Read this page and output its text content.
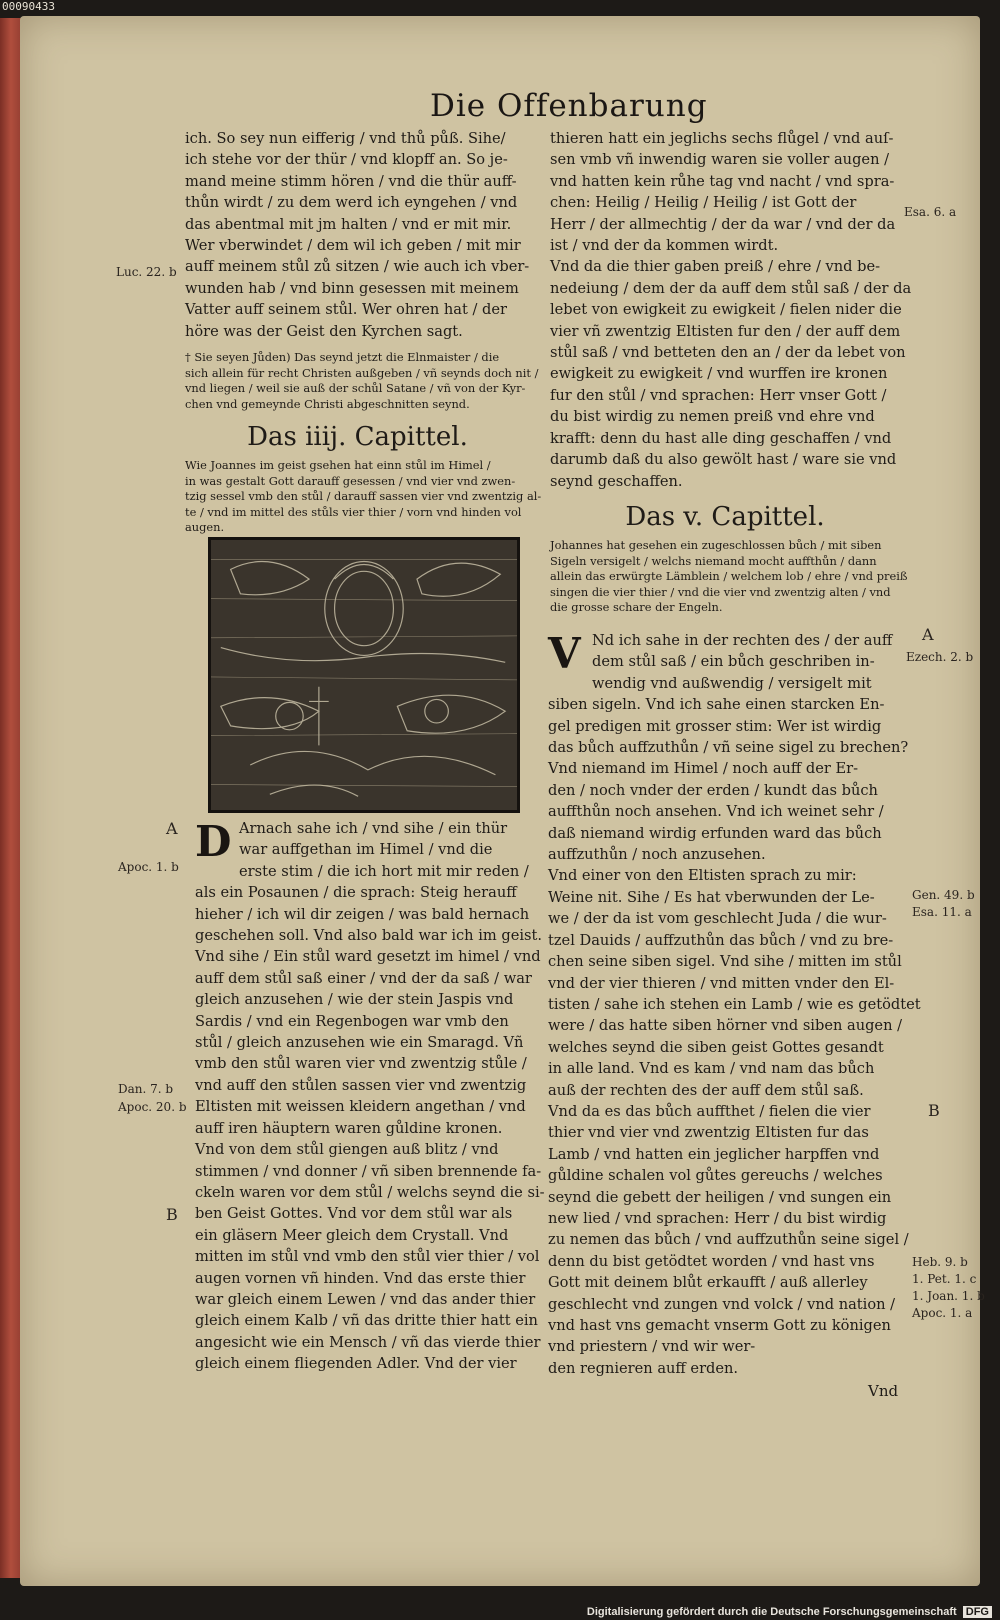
00090433
Die Offenbarung

ich. So sey nun eifferig / vnd thů půß. Sihe/

ich stehe vor der thür / vnd klopff an. So je-

mand meine stimm hören / vnd die thür auff-

thůn wirdt / zu dem werd ich eyngehen / vnd

das abentmal mit jm halten / vnd er mit mir.

Wer vberwindet / dem wil ich geben / mit mir

auff meinem stůl zů sitzen / wie auch ich vber-

wunden hab / vnd binn gesessen mit meinem

Vatter auff seinem stůl. Wer ohren hat / der

höre was der Geist den Kyrchen sagt.

† Sie seyen Jůden) Das seynd jetzt die Elnmaister / die

sich allein für recht Christen außgeben / vñ seynds doch nit /

vnd liegen / weil sie auß der schůl Satane / vñ von der Kyr-

chen vnd gemeynde Christi abgeschnitten seynd.

Das iiij. Capittel.

Wie Joannes im geist gsehen hat einn stůl im Himel /

in was gestalt Gott darauff gesessen / vnd vier vnd zwen-

tzig sessel vmb den stůl / darauff sassen vier vnd zwentzig al-

te / vnd im mittel des stůls vier thier / vorn vnd hinden vol

augen.

D Arnach sahe ich / vnd sihe / ein thür

war auffgethan im Himel / vnd die

erste stim / die ich hort mit mir reden /

als ein Posaunen / die sprach: Steig herauff

hieher / ich wil dir zeigen / was bald hernach

geschehen soll. Vnd also bald war ich im geist.

Vnd sihe / Ein stůl ward gesetzt im himel / vnd

auff dem stůl saß einer / vnd der da saß / war

gleich anzusehen / wie der stein Jaspis vnd

Sardis / vnd ein Regenbogen war vmb den

stůl / gleich anzusehen wie ein Smaragd. Vñ

vmb den stůl waren vier vnd zwentzig stůle /

vnd auff den stůlen sassen vier vnd zwentzig

Eltisten mit weissen kleidern angethan / vnd

auff iren häuptern waren gůldine kronen.

Vnd von dem stůl giengen auß blitz / vnd

stimmen / vnd donner / vñ siben brennende fa-

ckeln waren vor dem stůl / welchs seynd die si-

ben Geist Gottes. Vnd vor dem stůl war als

ein gläsern Meer gleich dem Crystall. Vnd

mitten im stůl vnd vmb den stůl vier thier / vol

augen vornen vñ hinden. Vnd das erste thier

war gleich einem Lewen / vnd das ander thier

gleich einem Kalb / vñ das dritte thier hatt ein

angesicht wie ein Mensch / vñ das vierde thier

gleich einem fliegenden Adler. Vnd der vier

thieren hatt ein jeglichs sechs flůgel / vnd auſ-

sen vmb vñ inwendig waren sie voller augen /

vnd hatten kein růhe tag vnd nacht / vnd spra-

chen: Heilig / Heilig / Heilig / ist Gott der

Herr / der allmechtig / der da war / vnd der da

ist / vnd der da kommen wirdt.

Vnd da die thier gaben preiß / ehre / vnd be-

nedeiung / dem der da auff dem stůl saß / der da

lebet von ewigkeit zu ewigkeit / fielen nider die

vier vñ zwentzig Eltisten fur den / der auff dem

stůl saß / vnd betteten den an / der da lebet von

ewigkeit zu ewigkeit / vnd wurffen ire kronen

fur den stůl / vnd sprachen: Herr vnser Gott /

du bist wirdig zu nemen preiß vnd ehre vnd

krafft: denn du hast alle ding geschaffen / vnd

darumb daß du also gewölt hast / ware sie vnd

seynd geschaffen.

Das v. Capittel.

Johannes hat gesehen ein zugeschlossen bůch / mit siben

Sigeln versigelt / welchs niemand mocht auffthůn / dann

allein das erwürgte Lämblein / welchem lob / ehre / vnd preiß

singen die vier thier / vnd die vier vnd zwentzig alten / vnd

die grosse schare der Engeln.

V Nd ich sahe in der rechten des / der auff

dem stůl saß / ein bůch geschriben in-

wendig vnd außwendig / versigelt mit

siben sigeln. Vnd ich sahe einen starcken En-

gel predigen mit grosser stim: Wer ist wirdig

das bůch auffzuthůn / vñ seine sigel zu brechen?

Vnd niemand im Himel / noch auff der Er-

den / noch vnder der erden / kundt das bůch

auffthůn noch ansehen. Vnd ich weinet sehr /

daß niemand wirdig erfunden ward das bůch

auffzuthůn / noch anzusehen.

Vnd einer von den Eltisten sprach zu mir:

Weine nit. Sihe / Es hat vberwunden der Le-

we / der da ist vom geschlecht Juda / die wur-

tzel Dauids / auffzuthůn das bůch / vnd zu bre-

chen seine siben sigel. Vnd sihe / mitten im stůl

vnd der vier thieren / vnd mitten vnder den El-

tisten / sahe ich stehen ein Lamb / wie es getödtet

were / das hatte siben hörner vnd siben augen /

welches seynd die siben geist Gottes gesandt

in alle land. Vnd es kam / vnd nam das bůch

auß der rechten des der auff dem stůl saß.

Vnd da es das bůch auffthet / fielen die vier

thier vnd vier vnd zwentzig Eltisten fur das

Lamb / vnd hatten ein jeglicher harpffen vnd

gůldine schalen vol gůtes gereuchs / welches

seynd die gebett der heiligen / vnd sungen ein

new lied / vnd sprachen: Herr / du bist wirdig

zu nemen das bůch / vnd auffzuthůn seine sigel /

denn du bist getödtet worden / vnd hast vns

Gott mit deinem blůt erkaufft / auß allerley

geschlecht vnd zungen vnd volck / vnd nation /

vnd hast vns gemacht vnserm Gott zu königen

vnd priestern / vnd wir wer-

den regnieren auff erden.

Luc. 22. b
A
Apoc. 1. b
Dan. 7. b
Apoc. 20. b
B
Esa. 6. a
A
Ezech. 2. b
Gen. 49. b
Esa. 11. a
B
Heb. 9. b
1. Pet. 1. c
1. Joan. 1. b
Apoc. 1. a
Vnd
Digitalisierung gefördert durch die Deutsche Forschungsgemeinschaft DFG
